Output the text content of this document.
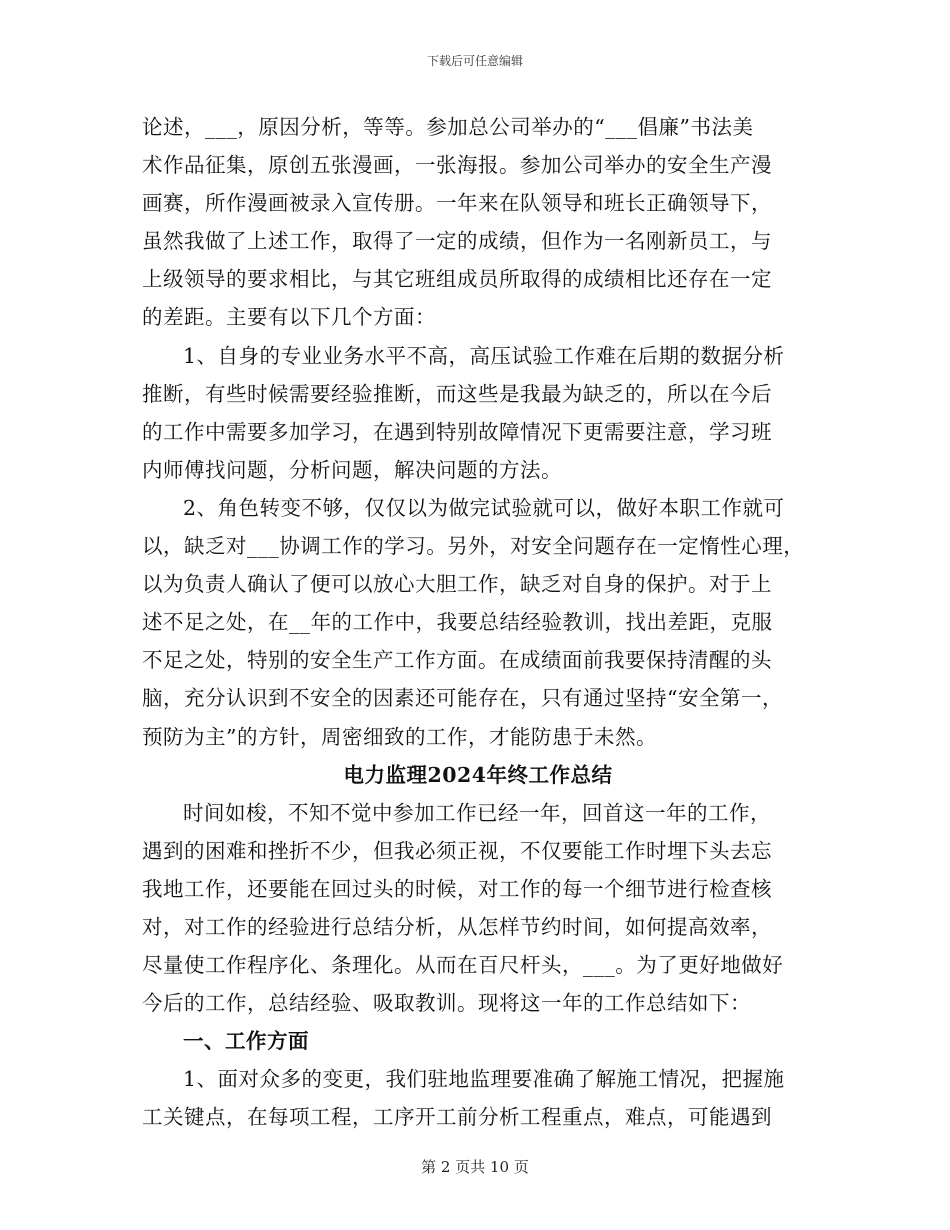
下载后可任意编辑
论述，___，原因分析，等等。参加总公司举办的“___倡廉”书法美
术作品征集，原创五张漫画，一张海报。参加公司举办的安全生产漫
画赛，所作漫画被录入宣传册。一年来在队领导和班长正确领导下，
虽然我做了上述工作，取得了一定的成绩，但作为一名刚新员工，与
上级领导的要求相比，与其它班组成员所取得的成绩相比还存在一定
的差距。主要有以下几个方面：
1、自身的专业业务水平不高，高压试验工作难在后期的数据分析
推断，有些时候需要经验推断，而这些是我最为缺乏的，所以在今后
的工作中需要多加学习，在遇到特别故障情况下更需要注意，学习班
内师傅找问题，分析问题，解决问题的方法。
2、角色转变不够，仅仅以为做完试验就可以，做好本职工作就可
以，缺乏对___协调工作的学习。另外，对安全问题存在一定惰性心理，
以为负责人确认了便可以放心大胆工作，缺乏对自身的保护。对于上
述不足之处，在__年的工作中，我要总结经验教训，找出差距，克服
不足之处，特别的安全生产工作方面。在成绩面前我要保持清醒的头
脑，充分认识到不安全的因素还可能存在，只有通过坚持“安全第一，
预防为主”的方针，周密细致的工作，才能防患于未然。
电力监理2024年终工作总结
时间如梭，不知不觉中参加工作已经一年，回首这一年的工作，
遇到的困难和挫折不少，但我必须正视，不仅要能工作时埋下头去忘
我地工作，还要能在回过头的时候，对工作的每一个细节进行检查核
对，对工作的经验进行总结分析，从怎样节约时间，如何提高效率，
尽量使工作程序化、条理化。从而在百尺杆头，___。为了更好地做好
今后的工作，总结经验、吸取教训。现将这一年的工作总结如下：
一、工作方面
1、面对众多的变更，我们驻地监理要准确了解施工情况，把握施
工关键点，在每项工程，工序开工前分析工程重点，难点，可能遇到
第 2 页共 10 页
